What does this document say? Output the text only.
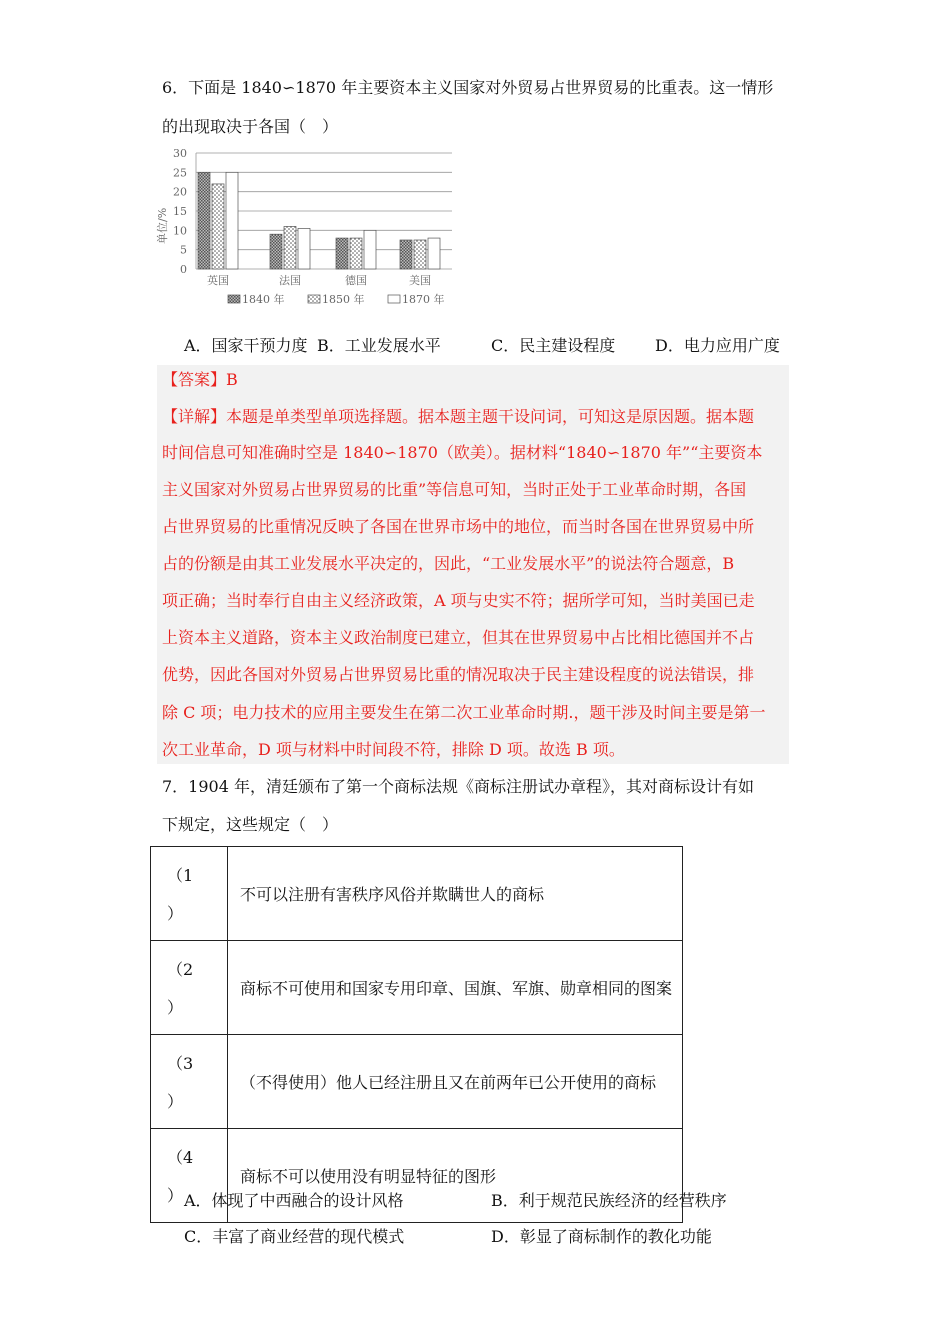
6．下面是 1840∽1870 年主要资本主义国家对外贸易占世界贸易的比重表。这一情形
的出现取决于各国（　）
0
5
10
15
20
25
30
英国	法国	德国	美国
单位/%
1840 年	1850 年	1870 年
A．国家干预力度 B．工业发展水平	C．民主建设程度 D．电力应用广度
【答案】B
【详解】本题是单类型单项选择题。据本题主题干设问词，可知这是原因题。据本题
时间信息可知准确时空是 1840∽1870（欧美）。据材料“1840∽1870 年”“主要资本
主义国家对外贸易占世界贸易的比重”等信息可知，当时正处于工业革命时期，各国
占世界贸易的比重情况反映了各国在世界市场中的地位，而当时各国在世界贸易中所
占的份额是由其工业发展水平决定的，因此，“工业发展水平”的说法符合题意，B
项正确；当时奉行自由主义经济政策，A 项与史实不符；据所学可知，当时美国已走
上资本主义道路，资本主义政治制度已建立，但其在世界贸易中占比相比德国并不占
优势，因此各国对外贸易占世界贸易比重的情况取决于民主建设程度的说法错误，排
除 C 项；电力技术的应用主要发生在第二次工业革命时期.，题干涉及时间主要是第一
次工业革命，D 项与材料中时间段不符，排除 D 项。故选 B 项。
7．1904 年，清廷颁布了第一个商标法规《商标注册试办章程》，其对商标设计有如
下规定，这些规定（　）
（1
）	不可以注册有害秩序风俗并欺瞒世人的商标
（2
）	商标不可使用和国家专用印章、国旗、军旗、勋章相同的图案
（3
）	（不得使用）他人已经注册且又在前两年已公开使用的商标
（4
）	商标不可以使用没有明显特征的图形
A．体现了中西融合的设计风格	B．利于规范民族经济的经营秩序
C．丰富了商业经营的现代模式	D．彰显了商标制作的教化功能
